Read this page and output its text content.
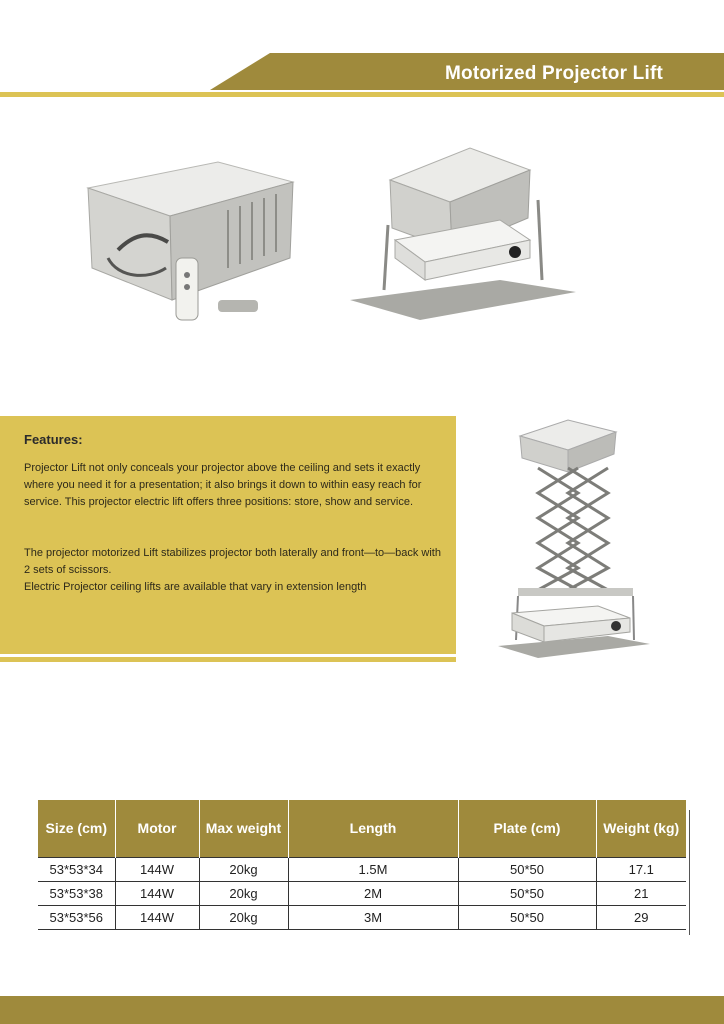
Motorized Projector Lift
Features:

Projector Lift not only conceals your projector above the ceiling and sets it exactly where you need it for a presentation; it also brings it down to within easy reach for service. This projector electric lift offers three positions: store, show and service.

The projector motorized Lift stabilizes projector both laterally and front—to—back with 2 sets of scissors.

Electric Projector ceiling lifts are available that vary in extension length

Size (cm)	Motor	Max weight	Length	Plate (cm)	Weight (kg)
53*53*34	144W	20kg	1.5M	50*50	17.1
53*53*38	144W	20kg	2M	50*50	21
53*53*56	144W	20kg	3M	50*50	29
